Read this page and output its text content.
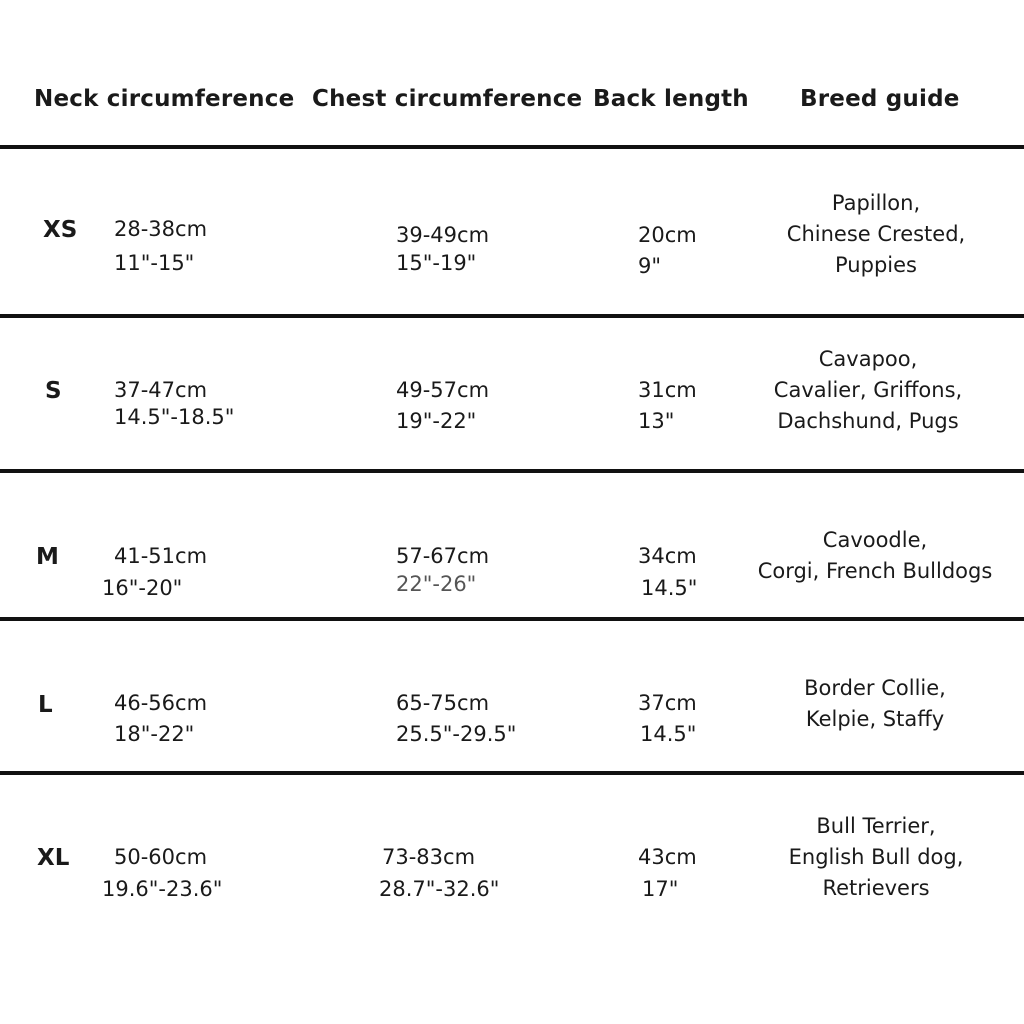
Neck circumference Chest circumference Back length Breed guide
XS 28-38cm
11"-15"
39-49cm
15"-19"
20cm
9"
Papillon,
Chinese Crested,
Puppies
S 37-47cm
14.5"-18.5"
49-57cm
19"-22"
31cm
13"
Cavapoo,
Cavalier, Griffons,
Dachshund, Pugs
M	41-51cm
16"-20"
57-67cm
22"-26"
34cm
14.5"
Cavoodle,
Corgi, French Bulldogs
L	46-56cm
18"-22"
65-75cm
25.5"-29.5"
37cm
14.5"
Border Collie,
Kelpie, Staffy
XL 50-60cm
19.6"-23.6"
73-83cm
28.7"-32.6"
43cm
17"
Bull Terrier,
English Bull dog,
Retrievers
